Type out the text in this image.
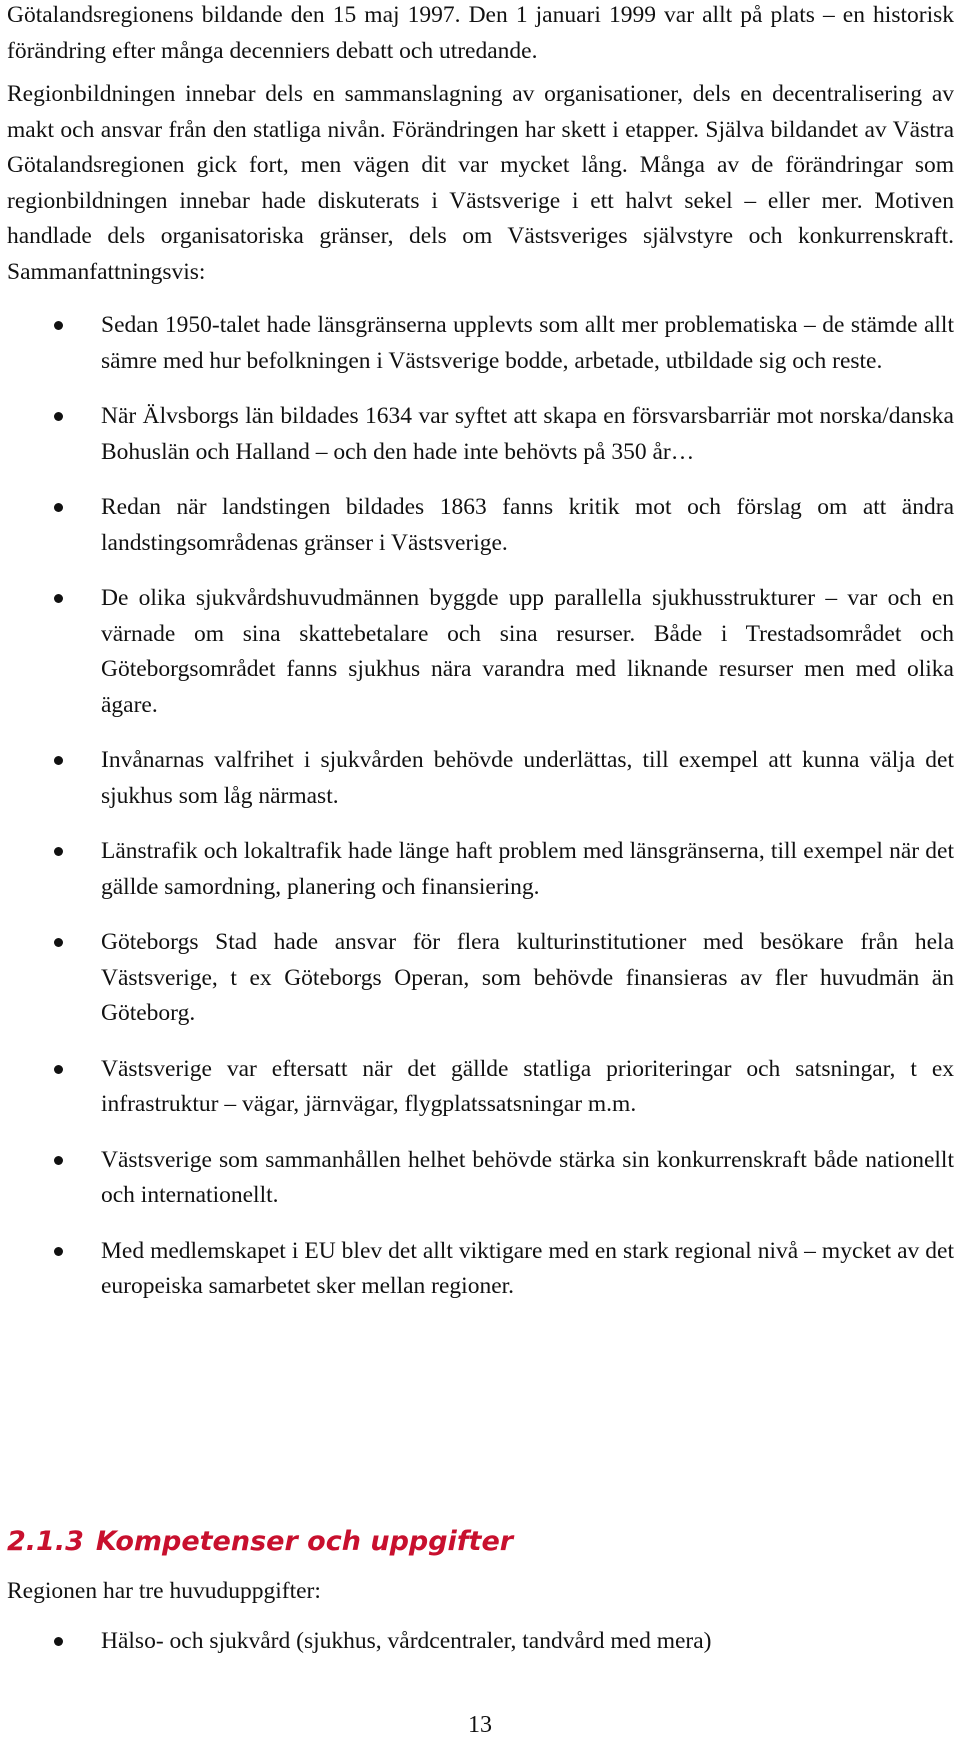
Götalandsregionens bildande den 15 maj 1997. Den 1 januari 1999 var allt på plats – en historisk förändring efter många decenniers debatt och utredande.

Regionbildningen innebar dels en sammanslagning av organisationer, dels en decentralisering av makt och ansvar från den statliga nivån. Förändringen har skett i etapper. Själva bildandet av Västra Götalandsregionen gick fort, men vägen dit var mycket lång. Många av de förändringar som regionbildningen innebar hade diskuterats i Västsverige i ett halvt sekel – eller mer. Motiven handlade dels organisatoriska gränser, dels om Västsveriges självstyre och konkurrenskraft. Sammanfattningsvis:

Sedan 1950-talet hade länsgränserna upplevts som allt mer problematiska – de stämde allt sämre med hur befolkningen i Västsverige bodde, arbetade, utbildade sig och reste.
När Älvsborgs län bildades 1634 var syftet att skapa en försvarsbarriär mot norska/danska Bohuslän och Halland – och den hade inte behövts på 350 år…
Redan när landstingen bildades 1863 fanns kritik mot och förslag om att ändra landstingsområdenas gränser i Västsverige.
De olika sjukvårdshuvudmännen byggde upp parallella sjukhusstrukturer – var och en värnade om sina skattebetalare och sina resurser. Både i Trestadsområdet och Göteborgsområdet fanns sjukhus nära varandra med liknande resurser men med olika ägare.
Invånarnas valfrihet i sjukvården behövde underlättas, till exempel att kunna välja det sjukhus som låg närmast.
Länstrafik och lokaltrafik hade länge haft problem med länsgränserna, till exempel när det gällde samordning, planering och finansiering.
Göteborgs Stad hade ansvar för flera kulturinstitutioner med besökare från hela Västsverige, t ex Göteborgs Operan, som behövde finansieras av fler huvudmän än Göteborg.
Västsverige var eftersatt när det gällde statliga prioriteringar och satsningar, t ex infrastruktur – vägar, järnvägar, flygplatssatsningar m.m.
Västsverige som sammanhållen helhet behövde stärka sin konkurrenskraft både nationellt och internationellt.
Med medlemskapet i EU blev det allt viktigare med en stark regional nivå – mycket av det europeiska samarbetet sker mellan regioner.
2.1.3 Kompetenser och uppgifter

Regionen har tre huvuduppgifter:

Hälso- och sjukvård (sjukhus, vårdcentraler, tandvård med mera)
13
